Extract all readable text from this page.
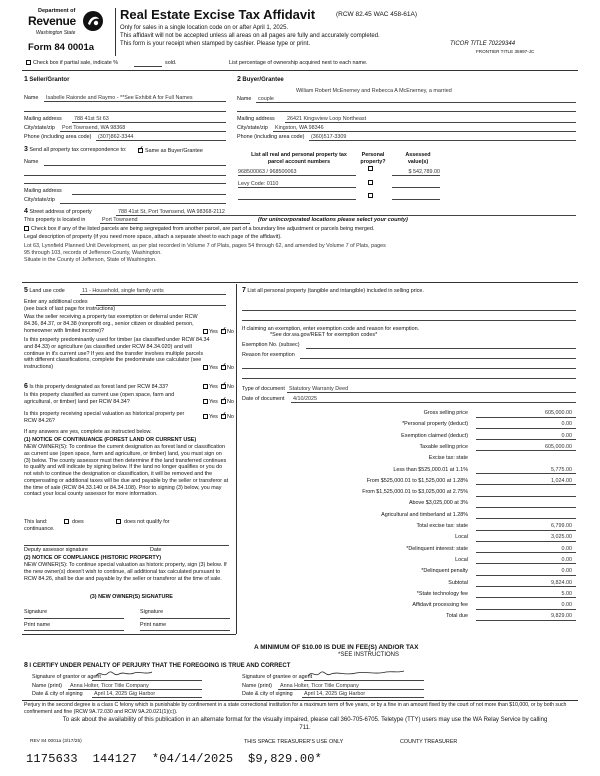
Department of
Revenue
Washington State
Form 84 0001a
Real Estate Excise Tax Affidavit	(RCW 82.45 WAC 458-61A)
Only for sales in a single location code on or after April 1, 2025.
This affidavit will not be accepted unless all areas on all pages are fully and accurately completed.
This form is your receipt when stamped by cashier. Please type or print.	TICOR TITLE 70229344
FRONTIER TITLE 35997-JC
Check box if partial sale, indicate %	sold.	List percentage of ownership acquired next to each name.
1 Seller/Grantor
Name Isabelle Raionde and Raymo - **See Exhibit A for Full Names
Mailing address 788 41st St 63
City/state/zip Port Townsend, WA 98368
Phone (including area code) (307)862-3344
2 Buyer/Grantee
William Robert McEnerney and Rebecca A McEnerney, a married
Name couple
Mailing address 26421 Kingsview Loop Northeast
City/state/zip Kingston, WA 98346
Phone (including area code) (360)517-3309
3 Send all property tax correspondence to: ✓	Same as Buyer/Grantee
Name
Mailing address
City/state/zip
List all real and personal property tax
parcel account numbers
Personal
property?
Assessed
value(s)
968500063 / 968500063	$ 542,789.00
Levy Code: 0110
4 Street address of property	788 41st St, Port Townsend, WA 98368-2112
This property is located in	Port Townsend	(for unincorporated locations please select your county)
Check box if any of the listed parcels are being segregated from another parcel, are part of a boundary line adjustment or parcels being merged.
Legal description of property (if you need more space, attach a separate sheet to each page of the affidavit).
Lot 63, Lynnfield Planned Unit Development, as per plat recorded in Volume 7 of Plats, pages 54 through 62, and amended by Volume 7 of Plats, pages
95 through 103, records of Jefferson County, Washington.
Situate in the County of Jefferson, State of Washington.
5 Land use code	11 - Household, single family units
Enter any additional codes
(see back of last page for instructions)
Was the seller receiving a property tax exemption or deferral under RCW 84.36, 84.37, or 84.38 (nonprofit org., senior citizen or disabled person, homeowner with limited income)?	Yes ✓ No
Is this property predominantly used for timber (as classified under RCW 84.34 and 84.33) or agriculture (as classified under RCW 84.34.020) and will continue in it's current use? If yes and the transfer involves multiple parcels with different classifications, complete the predominate use calculator (see instructions)	Yes ✓ No
6 Is this property designated as forest land per RCW 84.33?	Yes ✓ No
Is this property classified as current use (open space, farm and agricultural, or timber) land per RCW 84.34?	Yes ✓ No
Is this property receiving special valuation as historical property per RCW 84.26?
Yes ✓ No
If any answers are yes, complete as instructed below.
(1) NOTICE OF CONTINUANCE (FOREST LAND OR CURRENT USE)
NEW OWNER(S): To continue the current designation as forest land or classification as current use (open space, farm and agriculture, or timber) land, you must sign on (3) below. The county assessor must then determine if the land transferred continues to qualify and will indicate by signing below. If the land no longer qualifies or you do not wish to continue the designation or classification, it will be removed and the compensating or additional taxes will be due and payable by the seller or transferor at the time of sale (RCW 84.33.140 or 84.34.108). Prior to signing (3) below, you may contact your local county assessor for more information.
This land:	does	does not qualify for
continuance.
Deputy assessor signature	Date
(2) NOTICE OF COMPLIANCE (HISTORIC PROPERTY)
NEW OWNER(S): To continue special valuation as historic property, sign (3) below. If the new owner(s) doesn't wish to continue, all additional tax calculated pursuant to RCW 84.26, shall be due and payable by the seller or transferor at the time of sale.
(3) NEW OWNER(S) SIGNATURE
Signature	Signature
Print name	Print name
7 List all personal property (tangible and intangible) included in selling price.
If claiming an exemption, enter exemption code and reason for exemption.
*See dor.wa.gov/REET for exemption codes*
Exemption No. (subsec)
Reason for exemption
Type of document Statutory Warranty Deed
Date of document 4/10/2025
Gross selling price	605,000.00
*Personal property (deduct)	0.00
Exemption claimed (deduct)	0.00
Taxable selling price	605,000.00
Excise tax: state
Less than $525,000.01 at 1.1%	5,775.00
From $525,000.01 to $1,525,000 at 1.28%	1,024.00
From $1,525,000.01 to $3,025,000 at 2.75%
Above $3,025,000 at 3%
Agricultural and timberland at 1.28%
Total excise tax: state	6,799.00
Local	3,025.00
*Delinquent interest: state	0.00
Local	0.00
*Delinquent penalty	0.00
Subtotal	9,824.00
*State technology fee	5.00
Affidavit processing fee	0.00
Total due	9,829.00
A MINIMUM OF $10.00 IS DUE IN FEE(S) AND/OR TAX
*SEE INSTRUCTIONS
8 I CERTIFY UNDER PENALTY OF PERJURY THAT THE FOREGOING IS TRUE AND CORRECT
Signature of grantor or agent
Name (print) Anna Holter, Ticor Title Company
Date & city of signing April 14, 2025 Gig Harbor
Signature of grantee or agent
Name (print) Anna Holter, Ticor Title Company
Date & city of signing April 14, 2025 Gig Harbor
Perjury in the second degree is a class C felony which is punishable by confinement in a state correctional institution for a maximum term of five years, or by a fine in an amount fixed by the court of not more than $10,000, or by both such confinement and fine (RCW 9A.72.030 and RCW 9A.20.021(1)(c)).
To ask about the availability of this publication in an alternate format for the visually impaired, please call 360-705-6705. Teletype (TTY) users may use the WA Relay Service by calling 711.
REV 84 0001a (3/17/25)	THIS SPACE TREASURER'S USE ONLY	COUNTY TREASURER
1175633  144127  *04/14/2025  $9,829.00*
